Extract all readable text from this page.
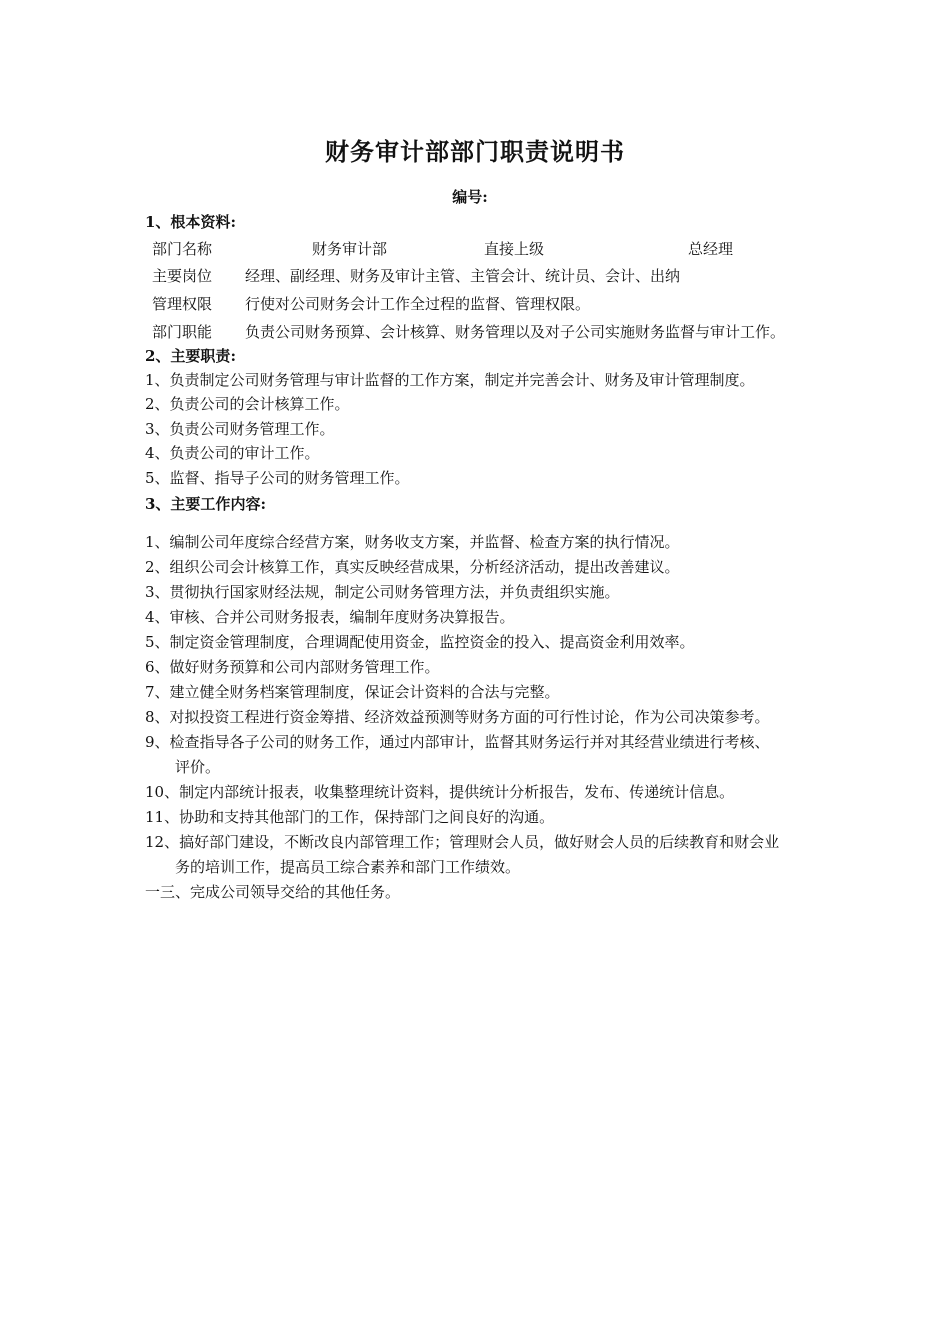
财务审计部部门职责说明书
编号:
1、根本资料:
部门名称	财务审计部	直接上级	总经理
主要岗位 经理、副经理、财务及审计主管、主管会计、统计员、会计、出纳
管理权限 行使对公司财务会计工作全过程的监督、管理权限。
部门职能 负责公司财务预算、会计核算、财务管理以及对子公司实施财务监督与审计工作。
2、主要职责:
1、负责制定公司财务管理与审计监督的工作方案，制定并完善会计、财务及审计管理制度。
2、负责公司的会计核算工作。
3、负责公司财务管理工作。
4、负责公司的审计工作。
5、监督、指导子公司的财务管理工作。
3、主要工作内容:
1、编制公司年度综合经营方案，财务收支方案，并监督、检查方案的执行情况。
2、组织公司会计核算工作，真实反映经营成果，分析经济活动，提出改善建议。
3、贯彻执行国家财经法规，制定公司财务管理方法，并负责组织实施。
4、审核、合并公司财务报表，编制年度财务决算报告。
5、制定资金管理制度，合理调配使用资金，监控资金的投入、提高资金利用效率。
6、做好财务预算和公司内部财务管理工作。
7、建立健全财务档案管理制度，保证会计资料的合法与完整。
8、对拟投资工程进行资金筹措、经济效益预测等财务方面的可行性讨论，作为公司决策参考。
9、检查指导各子公司的财务工作，通过内部审计，监督其财务运行并对其经营业绩进行考核、
评价。
10、制定内部统计报表，收集整理统计资料，提供统计分析报告，发布、传递统计信息。
11、协助和支持其他部门的工作，保持部门之间良好的沟通。
12、搞好部门建设，不断改良内部管理工作；管理财会人员，做好财会人员的后续教育和财会业
务的培训工作，提高员工综合素养和部门工作绩效。
一三、完成公司领导交给的其他任务。
